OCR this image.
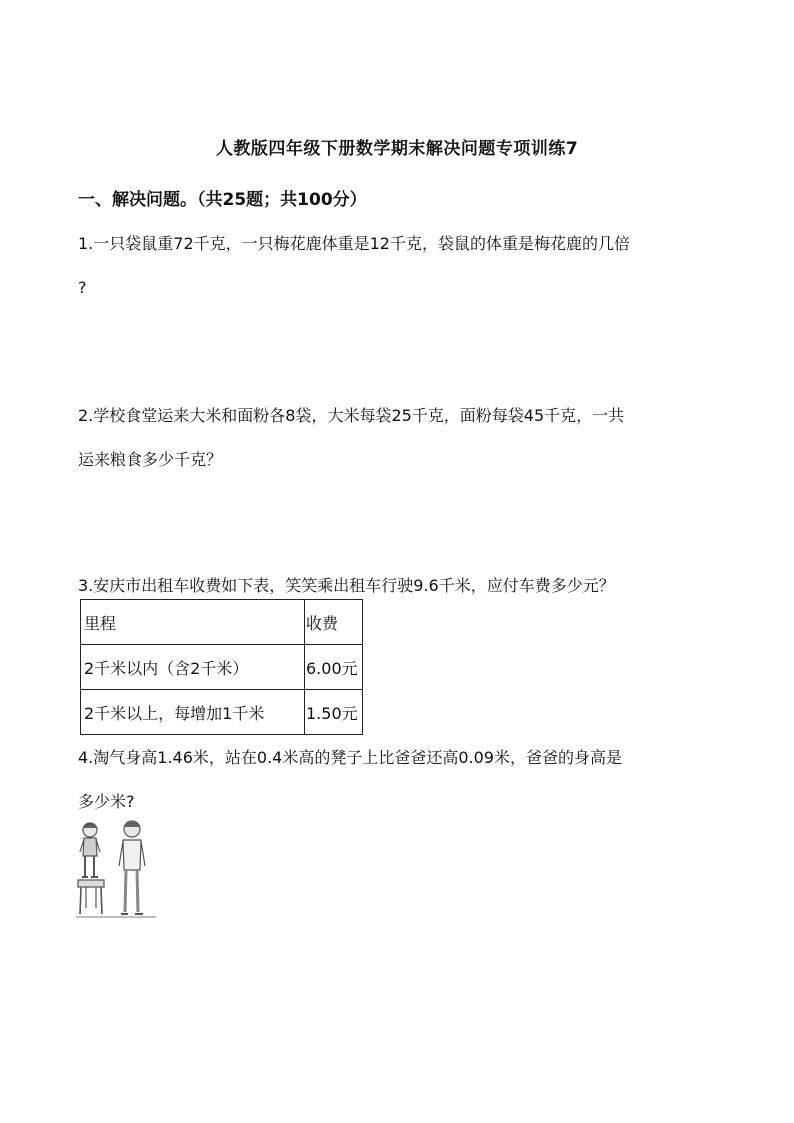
人教版四年级下册数学期末解决问题专项训练7
一、解决问题。（共25题；共100分）
1.一只袋鼠重72千克，一只梅花鹿体重是12千克，袋鼠的体重是梅花鹿的几倍
?
2.学校食堂运来大米和面粉各8袋，大米每袋25千克，面粉每袋45千克，一共
运来粮食多少千克？
3.安庆市出租车收费如下表，笑笑乘出租车行驶9.6千米，应付车费多少元？
里程	收费
2千米以内（含2千米）	6.00元
2千米以上，每增加1千米	1.50元
4.淘气身高1.46米，站在0.4米高的凳子上比爸爸还高0.09米，爸爸的身高是
多少米?
